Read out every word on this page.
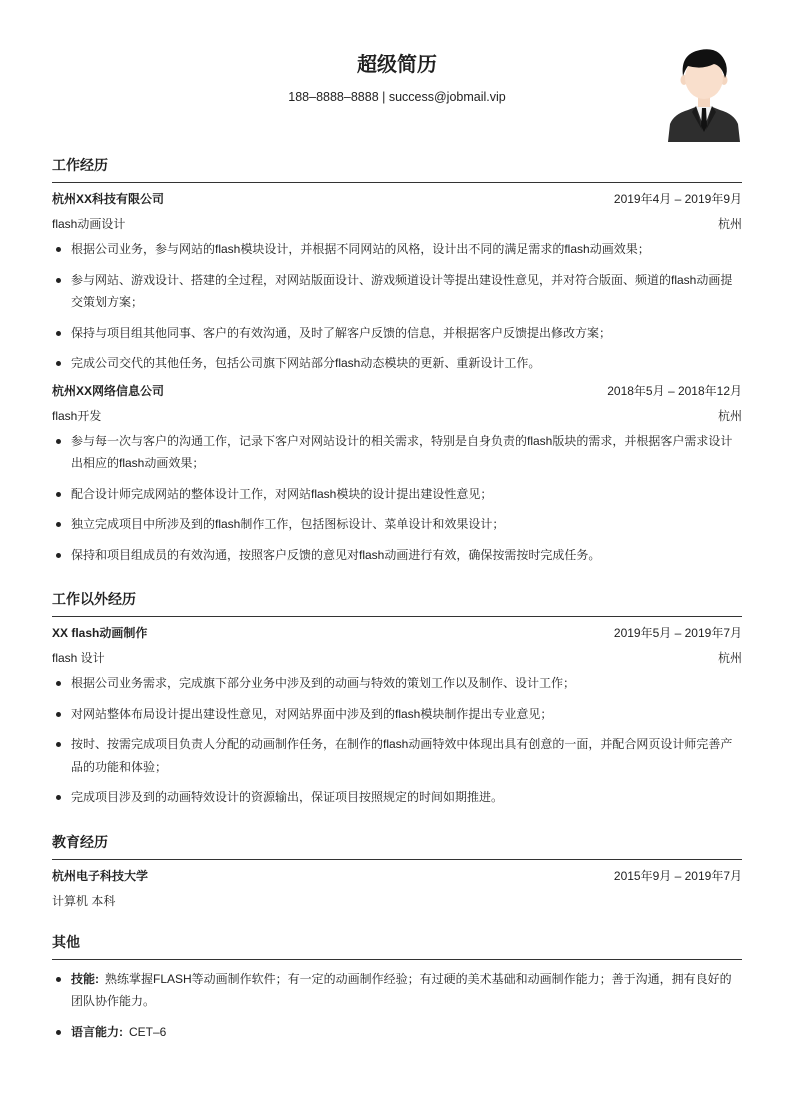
超级简历
188–8888–8888 | success@jobmail.vip
工作经历
杭州XX科技有限公司	2019年4月 – 2019年9月
flash动画设计	杭州
根据公司业务，参与网站的flash模块设计，并根据不同网站的风格，设计出不同的满足需求的flash动画效果；
参与网站、游戏设计、搭建的全过程，对网站版面设计、游戏频道设计等提出建设性意见，并对符合版面、频道的flash动画提交策划方案；
保持与项目组其他同事、客户的有效沟通，及时了解客户反馈的信息，并根据客户反馈提出修改方案；
完成公司交代的其他任务，包括公司旗下网站部分flash动态模块的更新、重新设计工作。
杭州XX网络信息公司	2018年5月 – 2018年12月
flash开发	杭州
参与每一次与客户的沟通工作，记录下客户对网站设计的相关需求，特别是自身负责的flash版块的需求，并根据客户需求设计出相应的flash动画效果；
配合设计师完成网站的整体设计工作，对网站flash模块的设计提出建设性意见；
独立完成项目中所涉及到的flash制作工作，包括图标设计、菜单设计和效果设计；
保持和项目组成员的有效沟通，按照客户反馈的意见对flash动画进行有效，确保按需按时完成任务。
工作以外经历
XX flash动画制作	2019年5月 – 2019年7月
flash 设计	杭州
根据公司业务需求，完成旗下部分业务中涉及到的动画与特效的策划工作以及制作、设计工作；
对网站整体布局设计提出建设性意见，对网站界面中涉及到的flash模块制作提出专业意见；
按时、按需完成项目负责人分配的动画制作任务，在制作的flash动画特效中体现出具有创意的一面，并配合网页设计师完善产品的功能和体验；
完成项目涉及到的动画特效设计的资源输出，保证项目按照规定的时间如期推进。
教育经历
杭州电子科技大学	2015年9月 – 2019年7月
计算机 本科
其他
技能: 熟练掌握FLASH等动画制作软件；有一定的动画制作经验；有过硬的美术基础和动画制作能力；善于沟通，拥有良好的团队协作能力。
语言能力: CET–6
